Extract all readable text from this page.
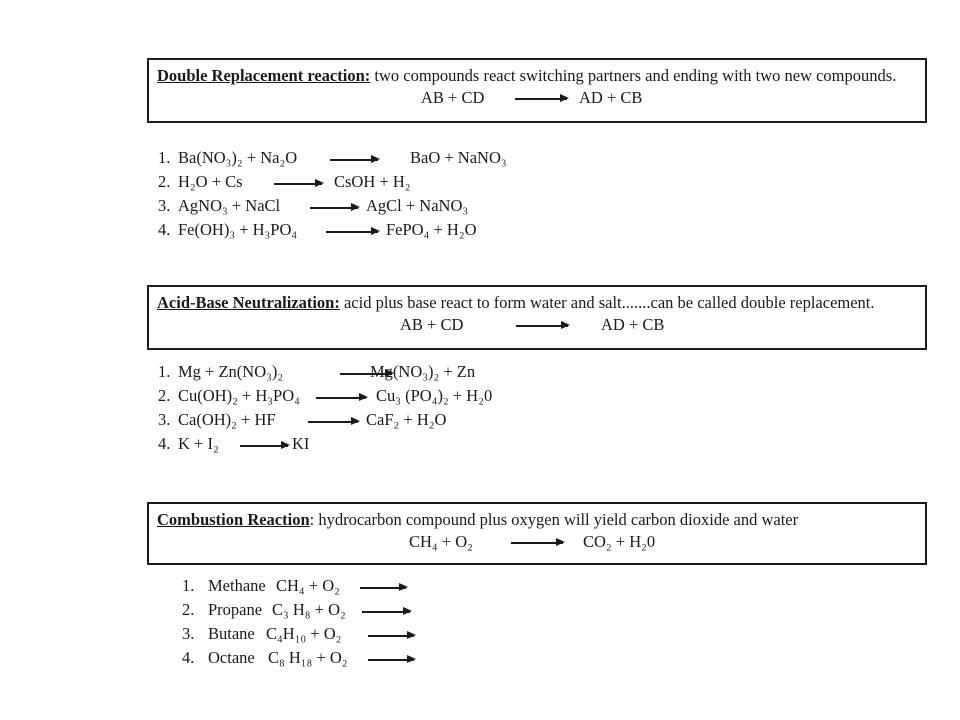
Double Replacement reaction: two compounds react switching partners and ending with two new compounds.
AB + CD → AD + CB
1. Ba(NO₃)₂ + Na₂O	BaO + NaNO₃
2. H₂O + Cs → CsOH + H₂
3. AgNO₃ + NaCl → AgCl + NaNO₃
4. Fe(OH)₃ + H₃PO₄ → FePO₄ + H₂O
Acid-Base Neutralization: acid plus base react to form water and salt.......can be called double replacement.
AB + CD	AD + CB
1. Mg + Zn(NO₃)₂	Mg(NO₃)₂ + Zn
2. Cu(OH)₂ + H₃PO₄ → Cu₃ (PO₄)₂ + H₂0
3. Ca(OH)₂ + HF → CaF₂ + H₂O
4. K + I₂ → KI
Combustion Reaction: hydrocarbon compound plus oxygen will yield carbon dioxide and water
CH₄ + O₂ → CO₂ + H₂0
1. Methane CH₄ + O₂ →
2. Propane C₃ H₈ + O₂ →
3. Butane C₄H₁₀ + O₂
4. Octane C₈ H₁₈ + O₂ →
